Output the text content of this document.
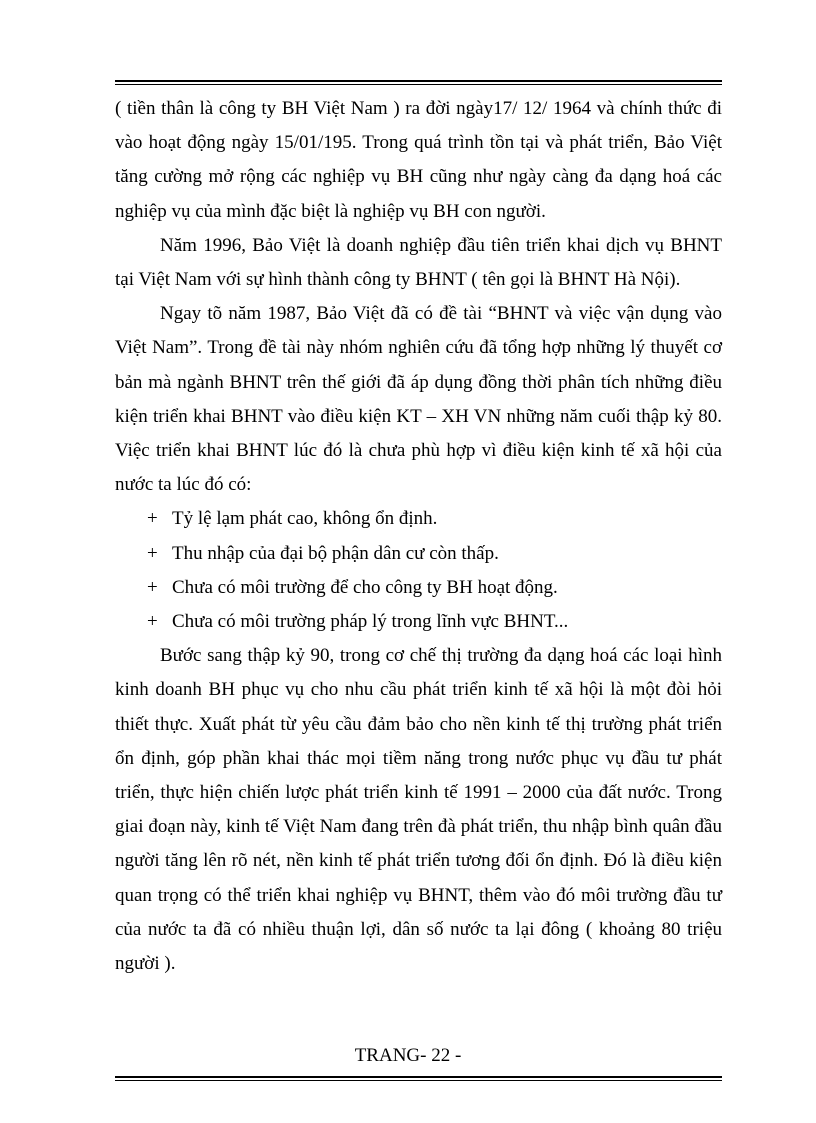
( tiền thân là công ty BH Việt Nam ) ra đời ngày17/ 12/ 1964 và chính thức đi vào hoạt động ngày 15/01/195. Trong quá trình tồn tại và phát triển, Bảo Việt tăng cường mở rộng các nghiệp vụ BH cũng như ngày càng đa dạng hoá các nghiệp vụ của mình đặc biệt là nghiệp vụ BH con người.

Năm 1996, Bảo Việt là doanh nghiệp đầu tiên triển khai dịch vụ BHNT tại Việt Nam với sự hình thành công ty BHNT ( tên gọi là BHNT Hà Nội).

Ngay tõ năm 1987, Bảo Việt đã có đề tài “BHNT và việc vận dụng vào Việt Nam”. Trong đề tài này nhóm nghiên cứu đã tổng hợp những lý thuyết cơ bản mà ngành BHNT trên thế giới đã áp dụng đồng thời phân tích những điều kiện triển khai BHNT vào điều kiện KT – XH VN những năm cuối thập kỷ 80. Việc triển khai BHNT lúc đó là chưa phù hợp vì điều kiện kinh tế xã hội của nước ta lúc đó có:

+ Tỷ lệ lạm phát cao, không ổn định.
+ Thu nhập của đại bộ phận dân cư còn thấp.
+ Chưa có môi trường để cho công ty BH hoạt động.
+ Chưa có môi trường pháp lý trong lĩnh vực BHNT...

Bước sang thập kỷ 90, trong cơ chế thị trường đa dạng hoá các loại hình kinh doanh BH phục vụ cho nhu cầu phát triển kinh tế xã hội là một đòi hỏi thiết thực. Xuất phát từ yêu cầu đảm bảo cho nền kinh tế thị trường phát triển ổn định, góp phần khai thác mọi tiềm năng trong nước phục vụ đầu tư phát triển, thực hiện chiến lược phát triển kinh tế 1991 – 2000 của đất nước. Trong giai đoạn này, kinh tế Việt Nam đang trên đà phát triển, thu nhập bình quân đầu người tăng lên rõ nét, nền kinh tế phát triển tương đối ổn định. Đó là điều kiện quan trọng có thể triển khai nghiệp vụ BHNT, thêm vào đó môi trường đầu tư của nước ta đã có nhiều thuận lợi, dân số nước ta lại đông ( khoảng 80 triệu người ).

TRANG- 22 -
